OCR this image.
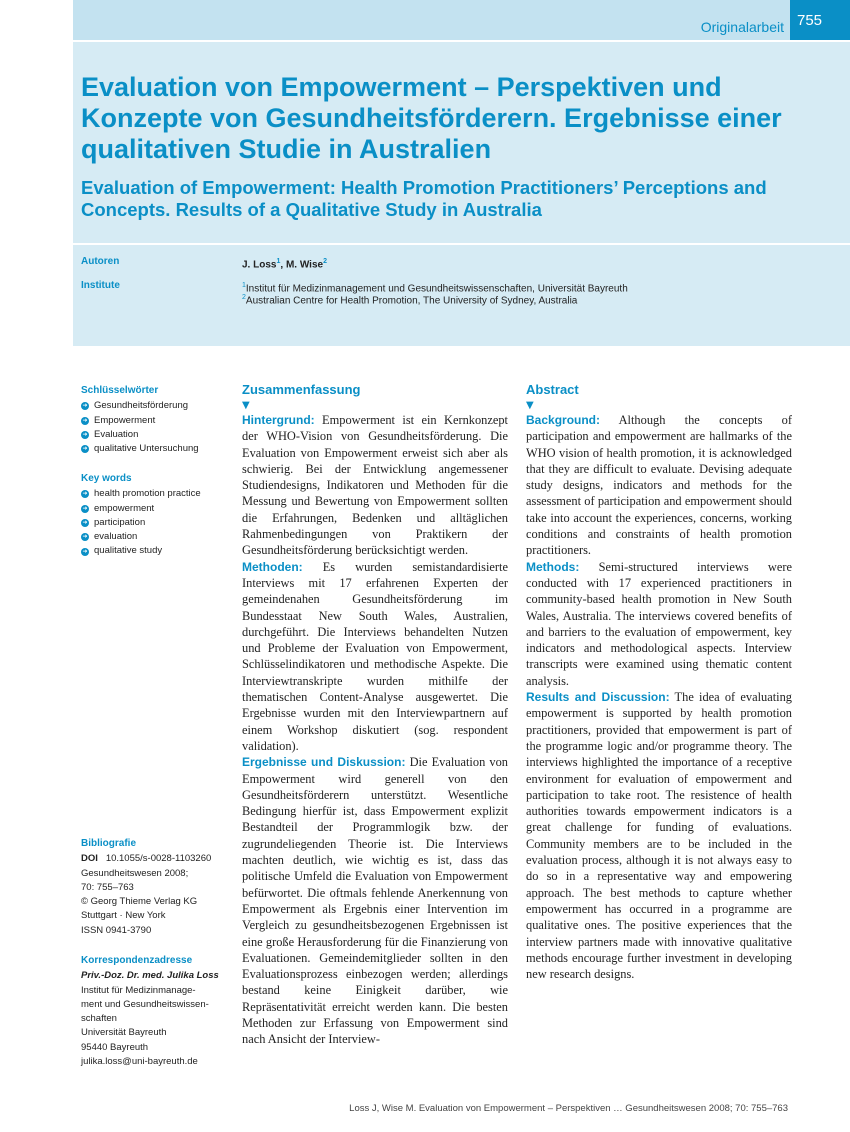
Originalarbeit 755
Evaluation von Empowerment – Perspektiven und Konzepte von Gesundheitsförderern. Ergebnisse einer qualitativen Studie in Australien
Evaluation of Empowerment: Health Promotion Practitioners’ Perceptions and Concepts. Results of a Qualitative Study in Australia
Autoren	J. Loss$^1$, M. Wise$^2$
Institute	$^1$Institut für Medizinmanagement und Gesundheitswissenschaften, Universität Bayreuth
$^2$Australian Centre for Health Promotion, The University of Sydney, Australia
Schlüsselwörter
➜ Gesundheitsförderung
➜ Empowerment
➜ Evaluation
➜ qualitative Untersuchung
Key words
➜ health promotion practice
➜ empowerment
➜ participation
➜ evaluation
➜ qualitative study
Bibliografie
DOI 10.1055/s-0028-1103260
Gesundheitswesen 2008;
70: 755–763
© Georg Thieme Verlag KG
Stuttgart · New York
ISSN 0941-3790
Korrespondenzadresse
Priv.-Doz. Dr. med. Julika Loss
Institut für Medizinmanage-
ment und Gesundheitswissen-
schaften
Universität Bayreuth
95440 Bayreuth
julika.loss@uni-bayreuth.de
Zusammenfassung
▼
Hintergrund: Empowerment ist ein Kernkonzept der WHO-Vision von Gesundheitsförderung. Die Evaluation von Empowerment erweist sich aber als schwierig. Bei der Entwicklung angemessener Studiendesigns, Indikatoren und Methoden für die Messung und Bewertung von Empowerment sollten die Erfahrungen, Bedenken und alltäglichen Rahmenbedingungen von Praktikern der Gesundheitsförderung berücksichtigt werden.
Methoden: Es wurden semistandardisierte Interviews mit 17 erfahrenen Experten der gemeindenahen Gesundheitsförderung im Bundesstaat New South Wales, Australien, durchgeführt. Die Interviews behandelten Nutzen und Probleme der Evaluation von Empowerment, Schlüsselindikatoren und methodische Aspekte. Die Interviewtranskripte wurden mithilfe der thematischen Content-Analyse ausgewertet. Die Ergebnisse wurden mit den Interviewpartnern auf einem Workshop diskutiert (sog. respondent validation).
Ergebnisse und Diskussion: Die Evaluation von Empowerment wird generell von den Gesundheitsförderern unterstützt. Wesentliche Bedingung hierfür ist, dass Empowerment explizit Bestandteil der Programmlogik bzw. der zugrundeliegenden Theorie ist. Die Interviews machten deutlich, wie wichtig es ist, dass das politische Umfeld die Evaluation von Empowerment befürwortet. Die oftmals fehlende Anerkennung von Empowerment als Ergebnis einer Intervention im Vergleich zu gesundheitsbezogenen Ergebnissen ist eine große Herausforderung für die Finanzierung von Evaluationen. Gemeindemitglieder sollten in den Evaluationsprozess einbezogen werden; allerdings bestand keine Einigkeit darüber, wie Repräsentativität erreicht werden kann. Die besten Methoden zur Erfassung von Empowerment sind nach Ansicht der Interview-
Abstract
▼
Background: Although the concepts of participation and empowerment are hallmarks of the WHO vision of health promotion, it is acknowledged that they are difficult to evaluate. Devising adequate study designs, indicators and methods for the assessment of participation and empowerment should take into account the experiences, concerns, working conditions and constraints of health promotion practitioners.
Methods: Semi-structured interviews were conducted with 17 experienced practitioners in community-based health promotion in New South Wales, Australia. The interviews covered benefits of and barriers to the evaluation of empowerment, key indicators and methodological aspects. Interview transcripts were examined using thematic content analysis.
Results and Discussion: The idea of evaluating empowerment is supported by health promotion practitioners, provided that empowerment is part of the programme logic and/or programme theory. The interviews highlighted the importance of a receptive environment for evaluation of empowerment and participation to take root. The resistence of health authorities towards empowerment indicators is a great challenge for funding of evaluations. Community members are to be included in the evaluation process, although it is not always easy to do so in a representative way and empowering approach. The best methods to capture whether empowerment has occurred in a programme are qualitative ones. The positive experiences that the interview partners made with innovative qualitative methods encourage further investment in developing new research designs.
Loss J, Wise M. Evaluation von Empowerment – Perspektiven … Gesundheitswesen 2008; 70: 755–763
